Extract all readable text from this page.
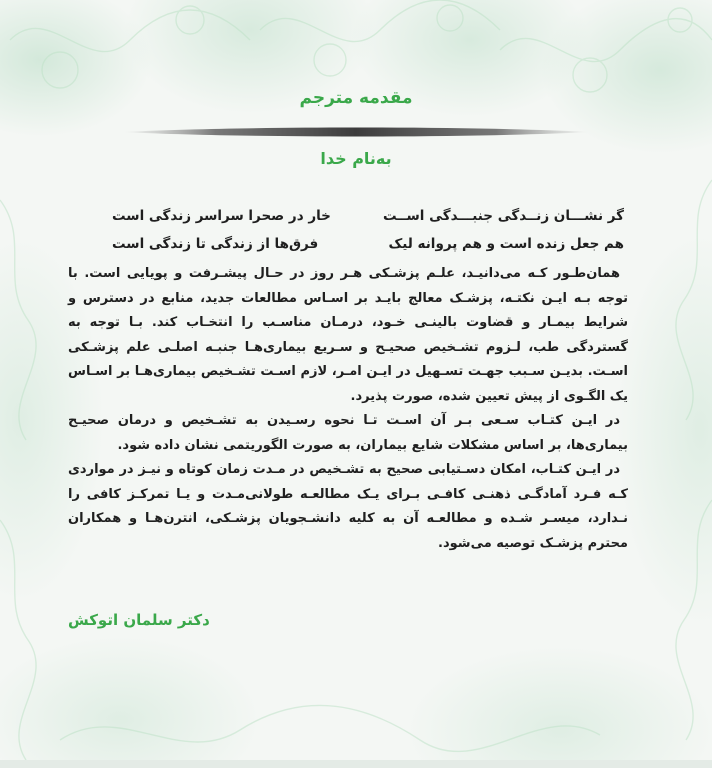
مقدمه مترجم
به‌نام خدا
گر نشـــان زنــدگی جنبـــدگی اســت
خار در صحرا سراسر زندگی است
هم جعل زنده است و هم پروانه لیک
فرق‌ها از زندگی تا زندگی است

همان‌طـور کـه می‌دانیـد، علـم پزشـکی هـر روز در حـال پیشـرفت و پویایی است. با توجه بـه ایـن نکتـه، پزشـک معالج بایـد بر اسـاس مطالعات جدید، منابع در دسترس و شرایط بیمـار و قضاوت بالینـی خـود، درمـان مناسـب را انتخـاب کند. بـا توجه به گستردگی طب، لـزوم تشـخیص صحیـح و سـریع بیماری‌هـا جنبـه اصلـی علم پزشـکی اسـت. بدیـن سـبب جهـت تسـهیل در ایـن امـر، لازم اسـت تشـخیص بیماری‌هـا بر اسـاس یک الگـوی از پیش تعیین شده، صورت پذیرد.

در ایـن کتـاب سـعی بـر آن اسـت تـا نحوه رسـیدن به تشـخیص و درمان صحیـح بیماری‌ها، بر اساس مشکلات شایع بیماران، به صورت الگوریتمی نشان داده شود.

در ایـن کتـاب، امکان دسـتیابی صحیح به تشـخیص در مـدت زمان کوتاه و نیـز در مواردی کـه فـرد آمادگـی ذهنـی کافـی بـرای یـک مطالعـه طولانی‌مـدت و یـا تمرکـز کافی را نـدارد، میسـر شـده و مطالعـه آن به کلیه دانشـجویان پزشـکی، انترن‌هـا و همکاران محترم پزشـک توصیه می‌شود.

دکتر سلمان اتوکش
